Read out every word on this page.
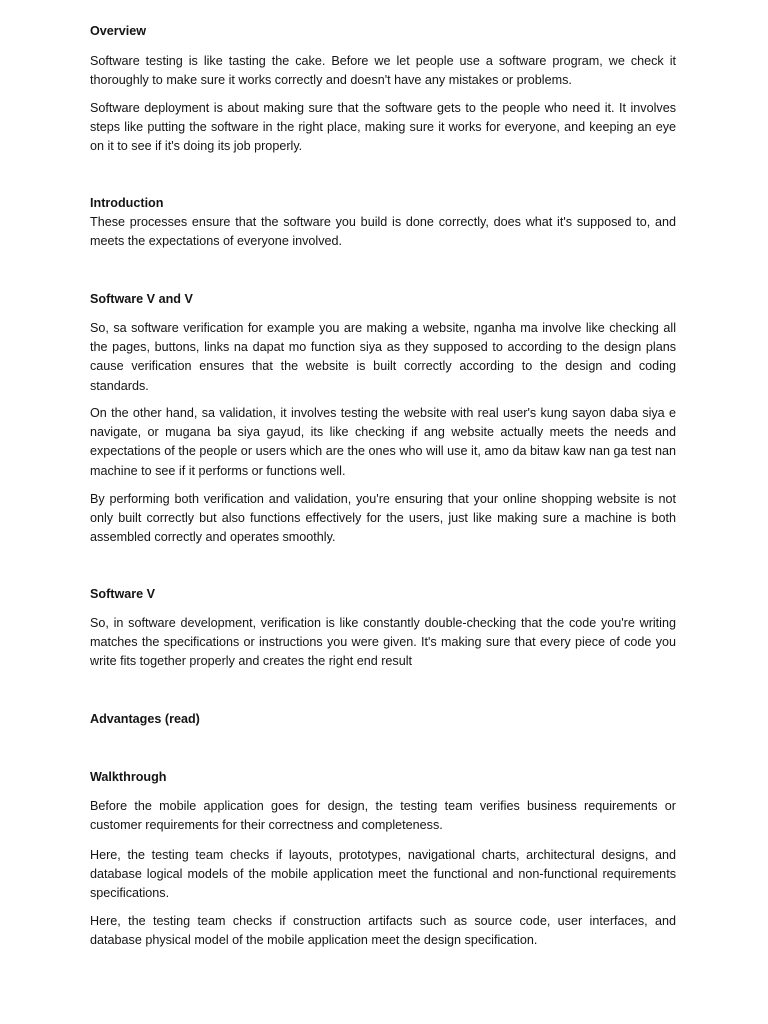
Overview

Software testing is like tasting the cake. Before we let people use a software program, we check it thoroughly to make sure it works correctly and doesn't have any mistakes or problems.

Software deployment is about making sure that the software gets to the people who need it. It involves steps like putting the software in the right place, making sure it works for everyone, and keeping an eye on it to see if it's doing its job properly.

Introduction

These processes ensure that the software you build is done correctly, does what it's supposed to, and meets the expectations of everyone involved.

Software V and V

So, sa software verification for example you are making a website, nganha ma involve like checking all the pages, buttons, links na dapat mo function siya as they supposed to according to the design plans cause verification ensures that the website is built correctly according to the design and coding standards.

On the other hand, sa validation, it involves testing the website with real user's kung sayon daba siya e navigate, or mugana ba siya gayud, its like checking if ang website actually meets the needs and expectations of the people or users which are the ones who will use it, amo da bitaw kaw nan ga test nan machine to see if it performs or functions well.

By performing both verification and validation, you're ensuring that your online shopping website is not only built correctly but also functions effectively for the users, just like making sure a machine is both assembled correctly and operates smoothly.

Software V

So, in software development, verification is like constantly double-checking that the code you're writing matches the specifications or instructions you were given. It's making sure that every piece of code you write fits together properly and creates the right end result

Advantages (read)
Walkthrough

Before the mobile application goes for design, the testing team verifies business requirements or customer requirements for their correctness and completeness.

Here, the testing team checks if layouts, prototypes, navigational charts, architectural designs, and database logical models of the mobile application meet the functional and non-functional requirements specifications.

Here, the testing team checks if construction artifacts such as source code, user interfaces, and database physical model of the mobile application meet the design specification.
